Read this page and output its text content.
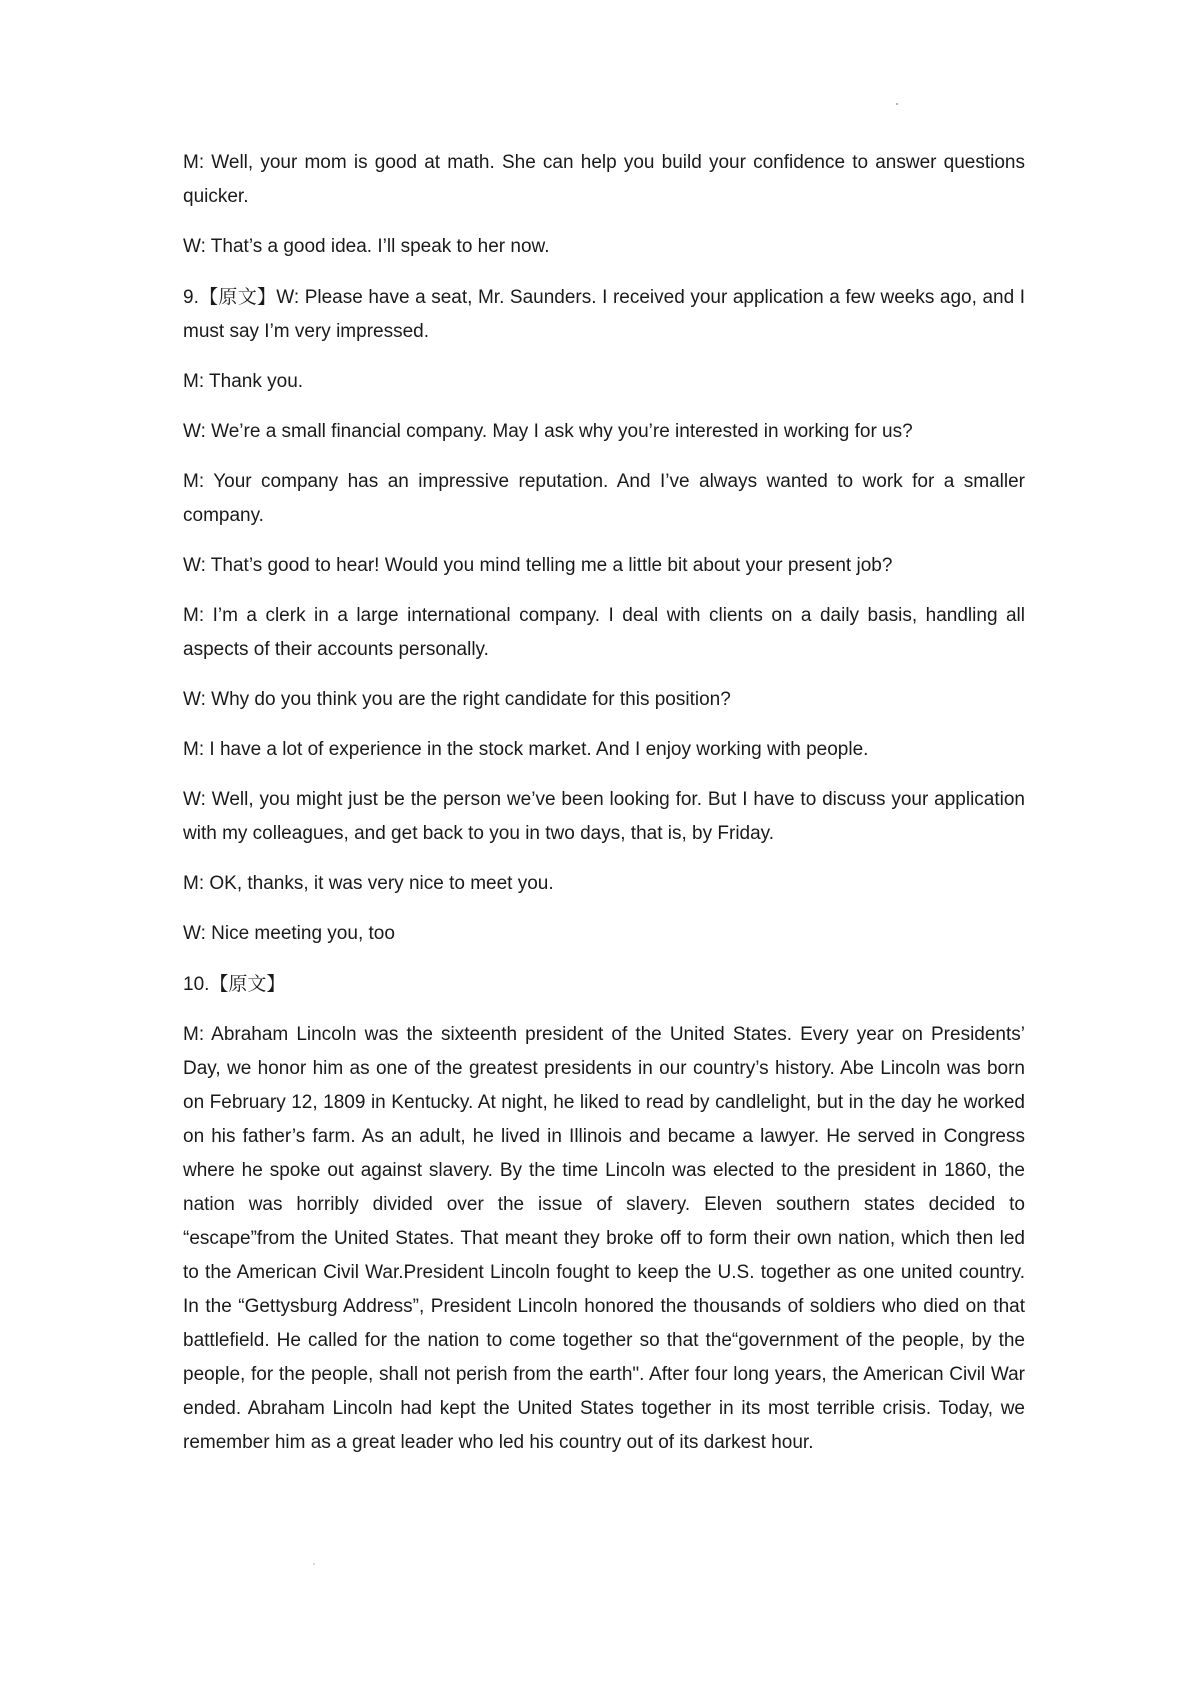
M: Well, your mom is good at math. She can help you build your confidence to answer questions quicker.

W: That’s a good idea. I’ll speak to her now.

9.【原文】W: Please have a seat, Mr. Saunders. I received your application a few weeks ago, and I must say I’m very impressed.

M: Thank you.

W: We’re a small financial company. May I ask why you’re interested in working for us?

M: Your company has an impressive reputation. And I’ve always wanted to work for a smaller company.

W: That’s good to hear! Would you mind telling me a little bit about your present job?

M: I’m a clerk in a large international company. I deal with clients on a daily basis, handling all aspects of their accounts personally.

W: Why do you think you are the right candidate for this position?

M: I have a lot of experience in the stock market. And I enjoy working with people.

W: Well, you might just be the person we’ve been looking for. But I have to discuss your application with my colleagues, and get back to you in two days, that is, by Friday.

M: OK, thanks, it was very nice to meet you.

W: Nice meeting you, too

10.【原文】

M: Abraham Lincoln was the sixteenth president of the United States. Every year on Presidents’ Day, we honor him as one of the greatest presidents in our country’s history. Abe Lincoln was born on February 12, 1809 in Kentucky. At night, he liked to read by candlelight, but in the day he worked on his father’s farm. As an adult, he lived in Illinois and became a lawyer. He served in Congress where he spoke out against slavery. By the time Lincoln was elected to the president in 1860, the nation was horribly divided over the issue of slavery. Eleven southern states decided to “escape”from the United States. That meant they broke off to form their own nation, which then led to the American Civil War.President Lincoln fought to keep the U.S. together as one united country. In the “Gettysburg Address”, President Lincoln honored the thousands of soldiers who died on that battlefield. He called for the nation to come together so that the“government of the people, by the people, for the people, shall not perish from the earth". After four long years, the American Civil War ended. Abraham Lincoln had kept the United States together in its most terrible crisis. Today, we remember him as a great leader who led his country out of its darkest hour.
